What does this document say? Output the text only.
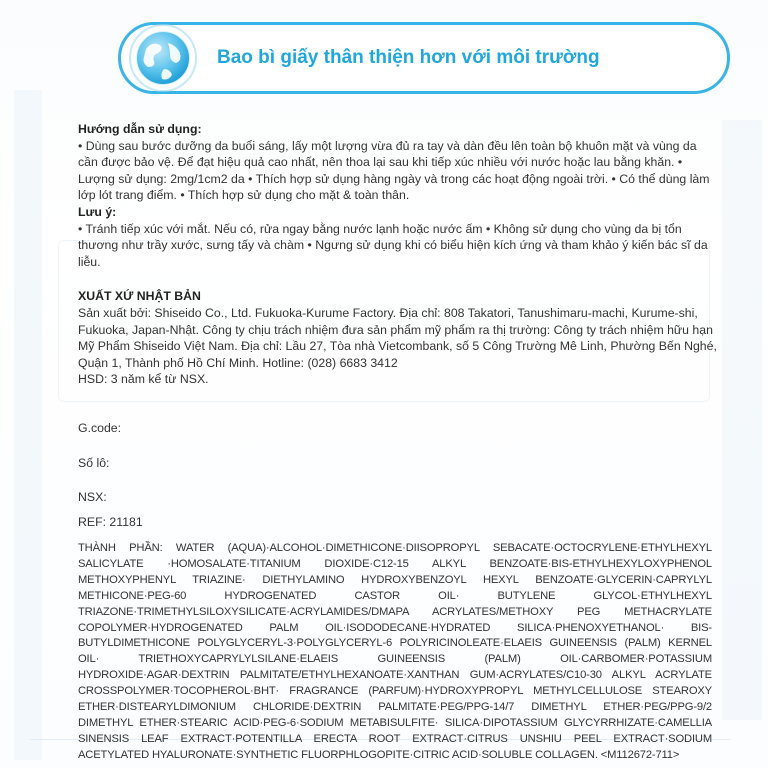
Bao bì giấy thân thiện hơn với môi trường

Hướng dẫn sử dụng:

• Dùng sau bước dưỡng da buổi sáng, lấy một lượng vừa đủ ra tay và dàn đều lên toàn bộ khuôn mặt và vùng da cần được bảo vệ. Để đạt hiệu quả cao nhất, nên thoa lại sau khi tiếp xúc nhiều với nước hoặc lau bằng khăn. • Lượng sử dụng: 2mg/1cm2 da • Thích hợp sử dụng hàng ngày và trong các hoạt động ngoài trời. • Có thể dùng làm lớp lót trang điểm. • Thích hợp sử dụng cho mặt & toàn thân.

Lưu ý:

• Tránh tiếp xúc với mắt. Nếu có, rửa ngay bằng nước lạnh hoặc nước ấm • Không sử dụng cho vùng da bị tổn thương như trầy xước, sưng tấy và chàm • Ngưng sử dụng khi có biểu hiện kích ứng và tham khảo ý kiến bác sĩ da liễu.

XUẤT XỨ NHẬT BẢN

Sản xuất bởi: Shiseido Co., Ltd. Fukuoka-Kurume Factory. Địa chỉ: 808 Takatori, Tanushimaru-machi, Kurume-shi, Fukuoka, Japan-Nhật. Công ty chịu trách nhiệm đưa sản phẩm mỹ phẩm ra thị trường: Công ty trách nhiệm hữu hạn Mỹ Phẩm Shiseido Việt Nam. Địa chỉ: Lầu 27, Tòa nhà Vietcombank, số 5 Công Trường Mê Linh, Phường Bến Nghé, Quận 1, Thành phố Hồ Chí Minh. Hotline: (028) 6683 3412

HSD: 3 năm kể từ NSX.

G.code:
Số lô:
NSX:
REF: 21181
THÀNH PHẦN: WATER (AQUA)·ALCOHOL·DIMETHICONE·DIISOPROPYL SEBACATE·OCTOCRYLENE·ETHYLHEXYL SALICYLATE ·HOMOSALATE·TITANIUM DIOXIDE·C12-15 ALKYL BENZOATE·BIS-ETHYLHEXYLOXYPHENOL METHOXYPHENYL TRIAZINE· DIETHYLAMINO HYDROXYBENZOYL HEXYL BENZOATE·GLYCERIN·CAPRYLYL METHICONE·PEG-60 HYDROGENATED CASTOR OIL· BUTYLENE GLYCOL·ETHYLHEXYL TRIAZONE·TRIMETHYLSILOXYSILICATE·ACRYLAMIDES/DMAPA ACRYLATES/METHOXY PEG METHACRYLATE COPOLYMER·HYDROGENATED PALM OIL·ISODODECANE·HYDRATED SILICA·PHENOXYETHANOL· BIS-BUTYLDIMETHICONE POLYGLYCERYL-3·POLYGLYCERYL-6 POLYRICINOLEATE·ELAEIS GUINEENSIS (PALM) KERNEL OIL· TRIETHOXYCAPRYLYLSILANE·ELAEIS GUINEENSIS (PALM) OIL·CARBOMER·POTASSIUM HYDROXIDE·AGAR·DEXTRIN PALMITATE/ETHYLHEXANOATE·XANTHAN GUM·ACRYLATES/C10-30 ALKYL ACRYLATE CROSSPOLYMER·TOCOPHEROL·BHT· FRAGRANCE (PARFUM)·HYDROXYPROPYL METHYLCELLULOSE STEAROXY ETHER·DISTEARYLDIMONIUM CHLORIDE·DEXTRIN PALMITATE·PEG/PPG-14/7 DIMETHYL ETHER·PEG/PPG-9/2 DIMETHYL ETHER·STEARIC ACID·PEG-6·SODIUM METABISULFITE· SILICA·DIPOTASSIUM GLYCYRRHIZATE·CAMELLIA SINENSIS LEAF EXTRACT·POTENTILLA ERECTA ROOT EXTRACT·CITRUS UNSHIU PEEL EXTRACT·SODIUM ACETYLATED HYALURONATE·SYNTHETIC FLUORPHLOGOPITE·CITRIC ACID·SOLUBLE COLLAGEN. <M112672-711>
